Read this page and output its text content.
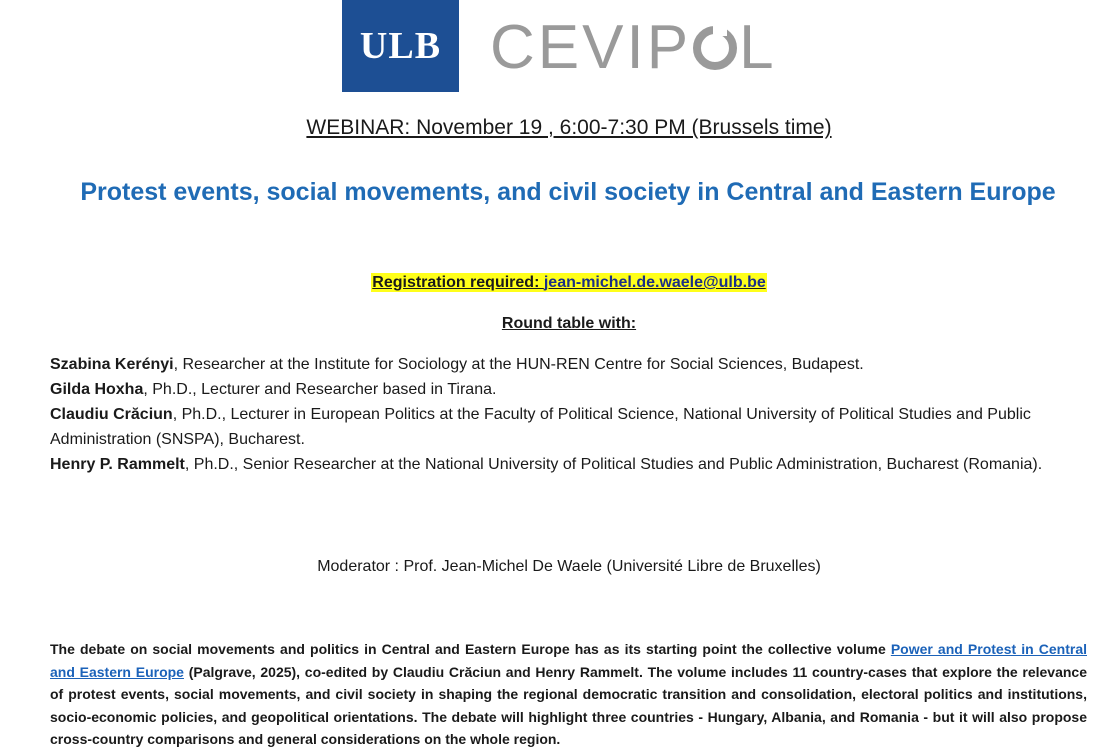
ULB CEVIP L
WEBINAR: November 19 , 6:00-7:30 PM (Brussels time)
Protest events, social movements, and civil society in Central and Eastern Europe
Registration required: jean-michel.de.waele@ulb.be
Round table with:

Szabina Kerényi, Researcher at the Institute for Sociology at the HUN-REN Centre for Social Sciences, Budapest.

Gilda Hoxha, Ph.D., Lecturer and Researcher based in Tirana.

Claudiu Crăciun, Ph.D., Lecturer in European Politics at the Faculty of Political Science, National University of Political Studies and Public Administration (SNSPA), Bucharest.

Henry P. Rammelt, Ph.D., Senior Researcher at the National University of Political Studies and Public Administration, Bucharest (Romania).

Moderator : Prof. Jean-Michel De Waele (Université Libre de Bruxelles)
The debate on social movements and politics in Central and Eastern Europe has as its starting point the collective volume Power and Protest in Central and Eastern Europe (Palgrave, 2025), co-edited by Claudiu Crăciun and Henry Rammelt. The volume includes 11 country-cases that explore the relevance of protest events, social movements, and civil society in shaping the regional democratic transition and consolidation, electoral politics and institutions, socio-economic policies, and geopolitical orientations. The debate will highlight three countries - Hungary, Albania, and Romania - but it will also propose cross-country comparisons and general considerations on the whole region.
